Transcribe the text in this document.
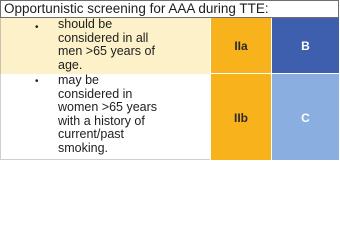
Opportunistic screening for AAA during TTE:
• should be
considered in all
men >65 years of
age.
IIa	B
• may be
considered in
women >65 years
with a history of
current/past
smoking.
IIb	C
